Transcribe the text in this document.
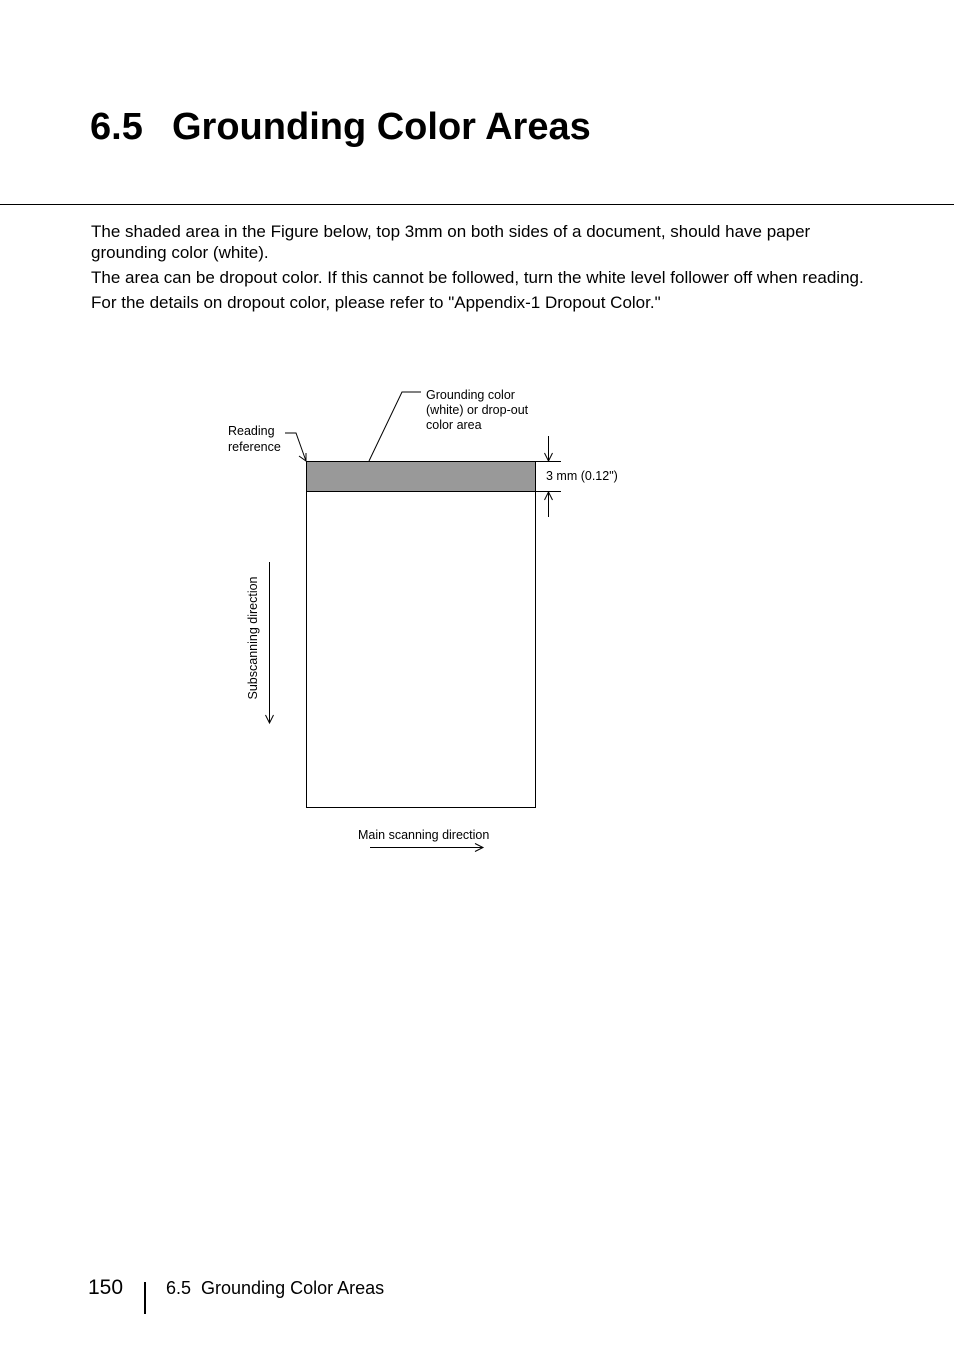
6.5 Grounding Color Areas

The shaded area in the Figure below, top 3mm on both sides of a document, should have paper grounding color (white).

The area can be dropout color. If this cannot be followed, turn the white level follower off when reading.

For the details on dropout color, please refer to "Appendix-1 Dropout Color."

Grounding color (white) or drop-out color area
Reading reference
3 mm (0.12")
Subscanning direction
Main scanning direction
150 6.5  Grounding Color Areas
